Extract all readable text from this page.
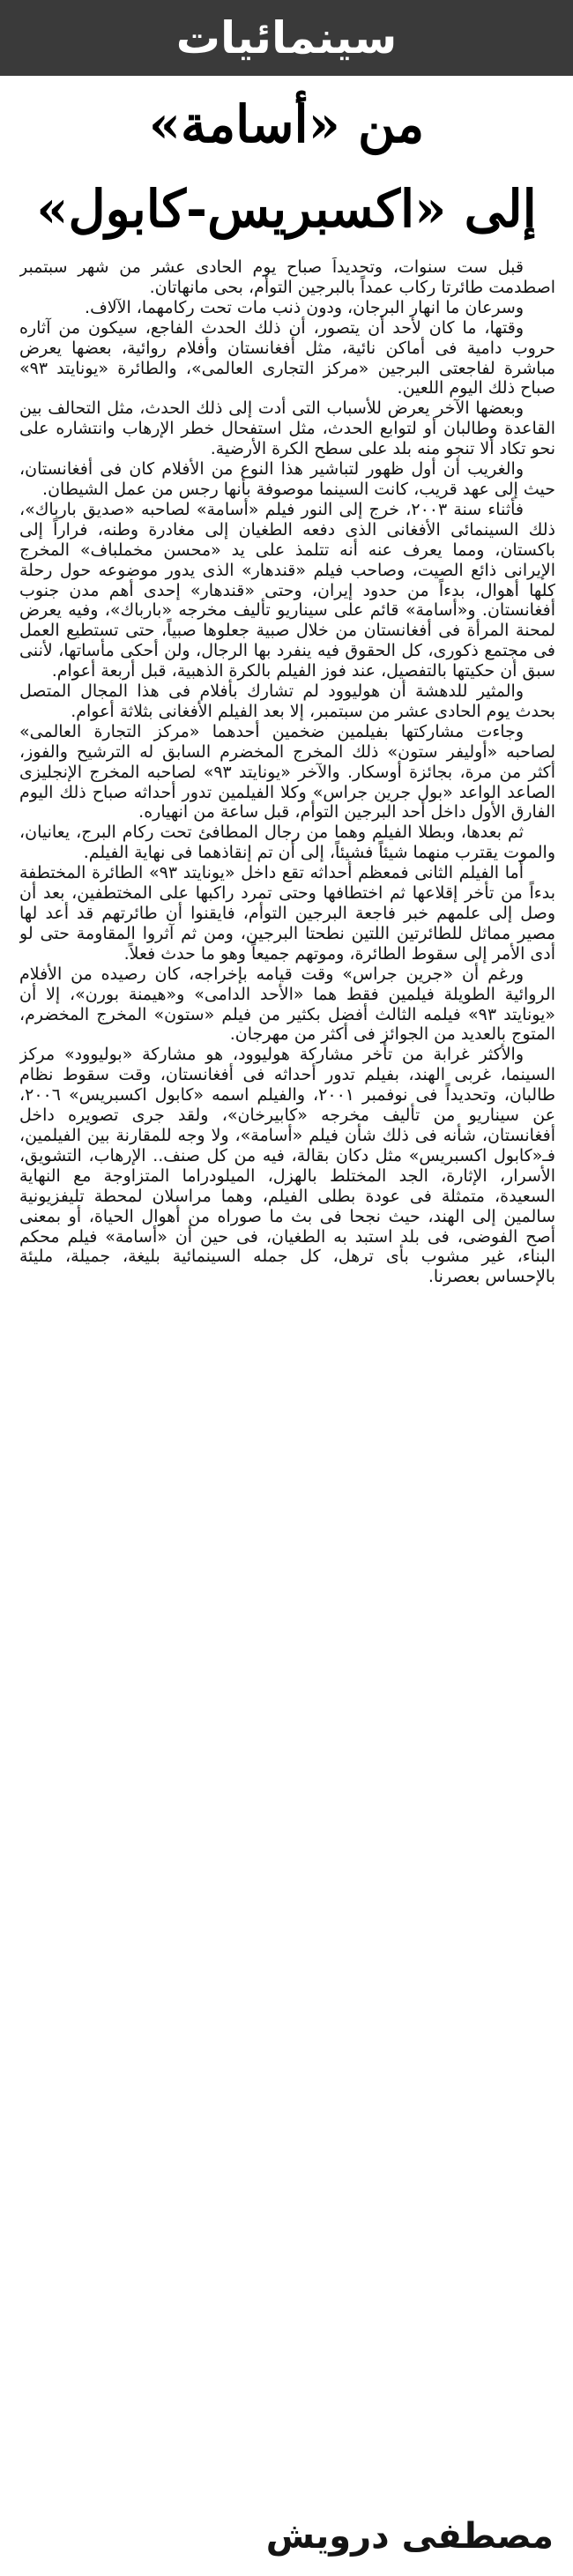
سينمائيات
من «أسامة»
إلى «اكسبريس-كابول»

قبل ست سنوات، وتحديداً صباح يوم الحادى عشر من شهر سبتمبر اصطدمت طائرتا ركاب عمداً بالبرجين التوأم، بحى مانهاتان.

وسرعان ما انهار البرجان، ودون ذنب مات تحت ركامهما، الآلاف.

وقتها، ما كان لأحد أن يتصور، أن ذلك الحدث الفاجع، سيكون من آثاره حروب دامية فى أماكن نائية، مثل أفغانستان وأفلام روائية، بعضها يعرض مباشرة لفاجعتى البرجين «مركز التجارى العالمى»، والطائرة «يونايتد ٩٣» صباح ذلك اليوم اللعين.

وبعضها الآخر يعرض للأسباب التى أدت إلى ذلك الحدث، مثل التحالف بين القاعدة وطالبان أو لتوابع الحدث، مثل استفحال خطر الإرهاب وانتشاره على نحو تكاد ألا تنجو منه بلد على سطح الكرة الأرضية.

والغريب أن أول ظهور لتباشير هذا النوع من الأفلام كان فى أفغانستان، حيث إلى عهد قريب، كانت السينما موصوفة بأنها رجس من عمل الشيطان.

فأثناء سنة ٢٠٠٣، خرج إلى النور فيلم «أسامة» لصاحبه «صديق بارباك»، ذلك السينمائى الأفغانى الذى دفعه الطغيان إلى مغادرة وطنه، فراراً إلى باكستان، ومما يعرف عنه أنه تتلمذ على يد «محسن مخملباف» المخرج الإيرانى ذائع الصيت، وصاحب فيلم «قندهار» الذى يدور موضوعه حول رحلة كلها أهوال، بدءاً من حدود إيران، وحتى «قندهار» إحدى أهم مدن جنوب أفغانستان. و«أسامة» قائم على سيناريو تأليف مخرجه «بارباك»، وفيه يعرض لمحنة المرأة فى أفغانستان من خلال صبية جعلوها صبياً، حتى تستطيع العمل فى مجتمع ذكورى، كل الحقوق فيه ينفرد بها الرجال، ولن أحكى مأساتها، لأننى سبق أن حكيتها بالتفصيل، عند فوز الفيلم بالكرة الذهبية، قبل أربعة أعوام.

والمثير للدهشة أن هوليوود لم تشارك بأفلام فى هذا المجال المتصل بحدث يوم الحادى عشر من سبتمبر، إلا بعد الفيلم الأفغانى بثلاثة أعوام.

وجاءت مشاركتها بفيلمين ضخمين أحدهما «مركز التجارة العالمى» لصاحبه «أوليفر ستون» ذلك المخرج المخضرم السابق له الترشيح والفوز، أكثر من مرة، بجائزة أوسكار. والآخر «يونايتد ٩٣» لصاحبه المخرج الإنجليزى الصاعد الواعد «بول جرين جراس» وكلا الفيلمين تدور أحداثه صباح ذلك اليوم الفارق الأول داخل أحد البرجين التوأم، قبل ساعة من انهياره.

ثم بعدها، وبطلا الفيلم وهما من رجال المطافئ تحت ركام البرج، يعانيان، والموت يقترب منهما شيئاً فشيئاً، إلى أن تم إنقاذهما فى نهاية الفيلم.

أما الفيلم الثانى فمعظم أحداثه تقع داخل «يونايتد ٩٣» الطائرة المختطفة بدءاً من تأخر إقلاعها ثم اختطافها وحتى تمرد راكبها على المختطفين، بعد أن وصل إلى علمهم خبر فاجعة البرجين التوأم، فايقنوا أن طائرتهم قد أعد لها مصير مماثل للطائرتين اللتين نطحتا البرجين، ومن ثم آثروا المقاومة حتى لو أدى الأمر إلى سقوط الطائرة، وموتهم جميعاً وهو ما حدث فعلاً.

ورغم أن «جرين جراس» وقت قيامه بإخراجه، كان رصيده من الأفلام الروائية الطويلة فيلمين فقط هما «الأحد الدامى» و«هيمنة بورن»، إلا أن «يونايتد ٩٣» فيلمه الثالث أفضل بكثير من فيلم «ستون» المخرج المخضرم، المتوج بالعديد من الجوائز فى أكثر من مهرجان.

والأكثر غرابة من تأخر مشاركة هوليوود، هو مشاركة «بوليوود» مركز السينما، غربى الهند، بفيلم تدور أحداثه فى أفغانستان، وقت سقوط نظام طالبان، وتحديداً فى نوفمبر ٢٠٠١، والفيلم اسمه «كابول اكسبريس» ٢٠٠٦، عن سيناريو من تأليف مخرجه «كابيرخان»، ولقد جرى تصويره داخل أفغانستان، شأنه فى ذلك شأن فيلم «أسامة»، ولا وجه للمقارنة بين الفيلمين، فـ«كابول اكسبريس» مثل دكان بقالة، فيه من كل صنف.. الإرهاب، التشويق، الأسرار، الإثارة، الجد المختلط بالهزل، الميلودراما المتزاوجة مع النهاية السعيدة، متمثلة فى عودة بطلى الفيلم، وهما مراسلان لمحطة تليفزيونية سالمين إلى الهند، حيث نجحا فى بث ما صوراه من أهوال الحياة، أو بمعنى أصح الفوضى، فى بلد استبد به الطغيان، فى حين أن «أسامة» فيلم محكم البناء، غير مشوب بأى ترهل، كل جمله السينمائية بليغة، جميلة، مليئة بالإحساس بعصرنا.

مصطفى درويش
